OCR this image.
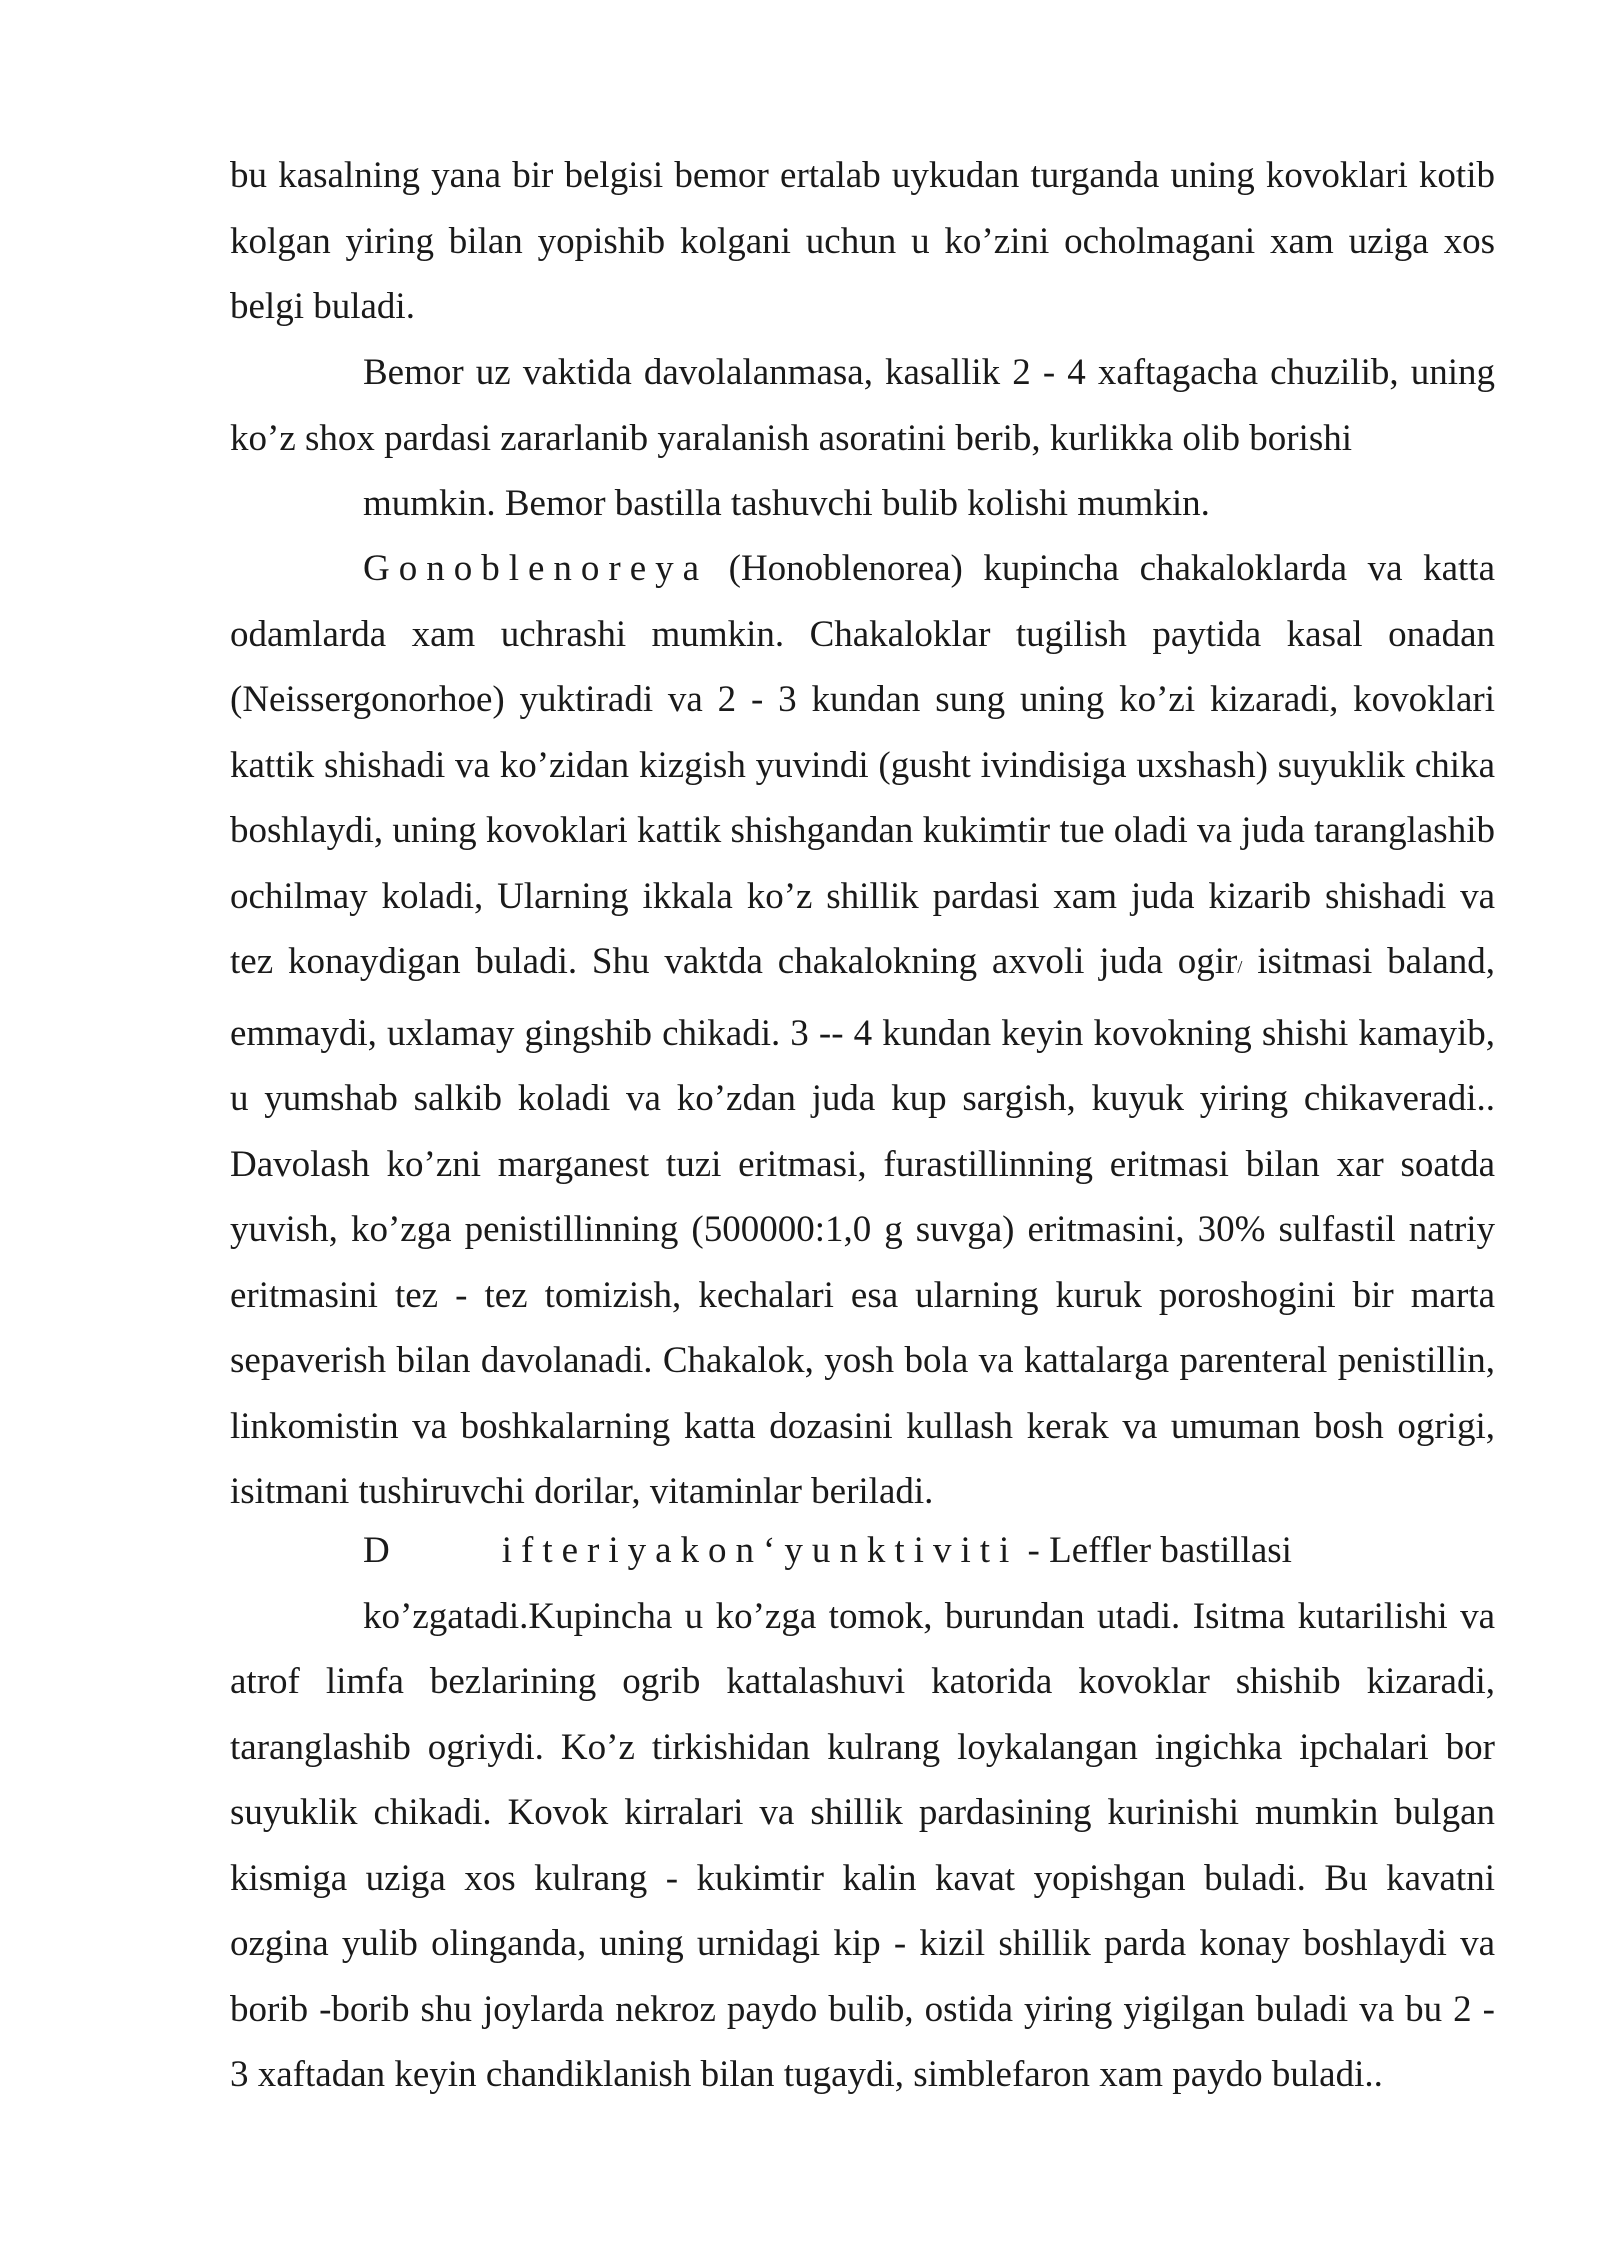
bu kasalning yana bir belgisi bemor ertalab uykudan turganda uning kovoklari kotib kolgan yiring bilan yopishib kolgani uchun u ko’zini ocholmagani xam uziga xos belgi buladi.

Bemor uz vaktida davolalanmasa, kasallik 2 - 4 xaftagacha chuzilib, uning ko’z shox pardasi zararlanib yaralanish asoratini berib, kurlikka olib borishi

mumkin. Bemor bastilla tashuvchi bulib kolishi mumkin.

Gonoblenoreya (Honoblenorea) kupincha chakaloklarda va katta odamlarda xam uchrashi mumkin. Chakaloklar tugilish paytida kasal onadan (Neissergonorhoe) yuktiradi va 2 - 3 kundan sung uning ko’zi kizaradi, kovoklari kattik shishadi va ko’zidan kizgish yuvindi (gusht ivindisiga uxshash) suyuklik chika boshlaydi, uning kovoklari kattik shishgandan kukimtir tue oladi va juda taranglashib ochilmay koladi, Ularning ikkala ko’z shillik pardasi xam juda kizarib shishadi va tez konaydigan buladi. Shu vaktda chakalokning axvoli juda ogir/ isitmasi baland, emmaydi, uxlamay gingshib chikadi. 3 -- 4 kundan keyin kovokning shishi kamayib, u yumshab salkib koladi va ko’zdan juda kup sargish, kuyuk yiring chikaveradi.. Davolash ko’zni marganest tuzi eritmasi, furastillinning eritmasi bilan xar soatda yuvish, ko’zga penistillinning (500000:1,0 g suvga) eritmasini, 30% sulfastil natriy eritmasini tez - tez tomizish, kechalari esa ularning kuruk poroshogini bir marta sepaverish bilan davolanadi. Chakalok, yosh bola va kattalarga parenteral penistillin, linkomistin va boshkalarning katta dozasini kullash kerak va umuman bosh ogrigi, isitmani tushiruvchi dorilar, vitaminlar beriladi.

D	ifteriyakon‘yunktiviti - Leffler bastillasi

ko’zgatadi.Kupincha u ko’zga tomok, burundan utadi. Isitma kutarilishi va

atrof limfa bezlarining ogrib kattalashuvi katorida kovoklar shishib kizaradi, taranglashib ogriydi. Ko’z tirkishidan kulrang loykalangan ingichka ipchalari bor suyuklik chikadi. Kovok kirralari va shillik pardasining kurinishi mumkin bulgan kismiga uziga xos kulrang - kukimtir kalin kavat yopishgan buladi. Bu kavatni ozgina yulib olinganda, uning urnidagi kip - kizil shillik parda konay boshlaydi va borib -borib shu joylarda nekroz paydo bulib, ostida yiring yigilgan buladi va bu 2 - 3 xaftadan keyin chandiklanish bilan tugaydi, simblefaron xam paydo buladi..
